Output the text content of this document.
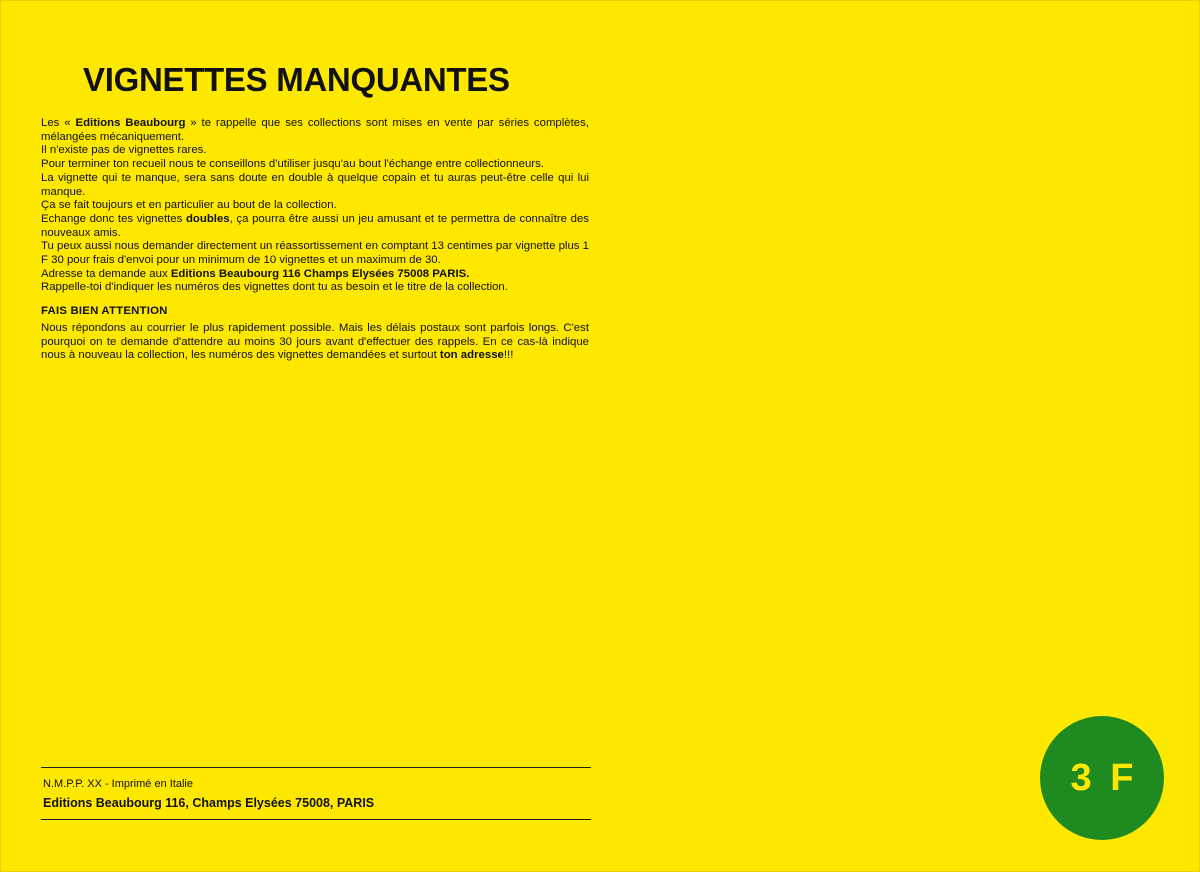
VIGNETTES MANQUANTES

Les « Editions Beaubourg » te rappelle que ses collections sont mises en vente par séries complètes, mélangées mécaniquement.

Il n'existe pas de vignettes rares.

Pour terminer ton recueil nous te conseillons d'utiliser jusqu'au bout l'échange entre collectionneurs.

La vignette qui te manque, sera sans doute en double à quelque copain et tu auras peut-être celle qui lui manque.

Ça se fait toujours et en particulier au bout de la collection.

Echange donc tes vignettes doubles, ça pourra être aussi un jeu amusant et te permettra de connaître des nouveaux amis.

Tu peux aussi nous demander directement un réassortissement en comptant 13 centimes par vignette plus 1 F 30 pour frais d'envoi pour un minimum de 10 vignettes et un maximum de 30.

Adresse ta demande aux Editions Beaubourg 116 Champs Elysées 75008 PARIS.

Rappelle-toi d'indiquer les numéros des vignettes dont tu as besoin et le titre de la collection.

FAIS BIEN ATTENTION

Nous répondons au courrier le plus rapidement possible. Mais les délais postaux sont parfois longs. C'est pourquoi on te demande d'attendre au moins 30 jours avant d'effectuer des rappels. En ce cas-là indique nous à nouveau la collection, les numéros des vignettes demandées et surtout ton adresse!!!

N.M.P.P. XX - Imprimé en Italie
Editions Beaubourg 116, Champs Elysées 75008, PARIS
3 F
